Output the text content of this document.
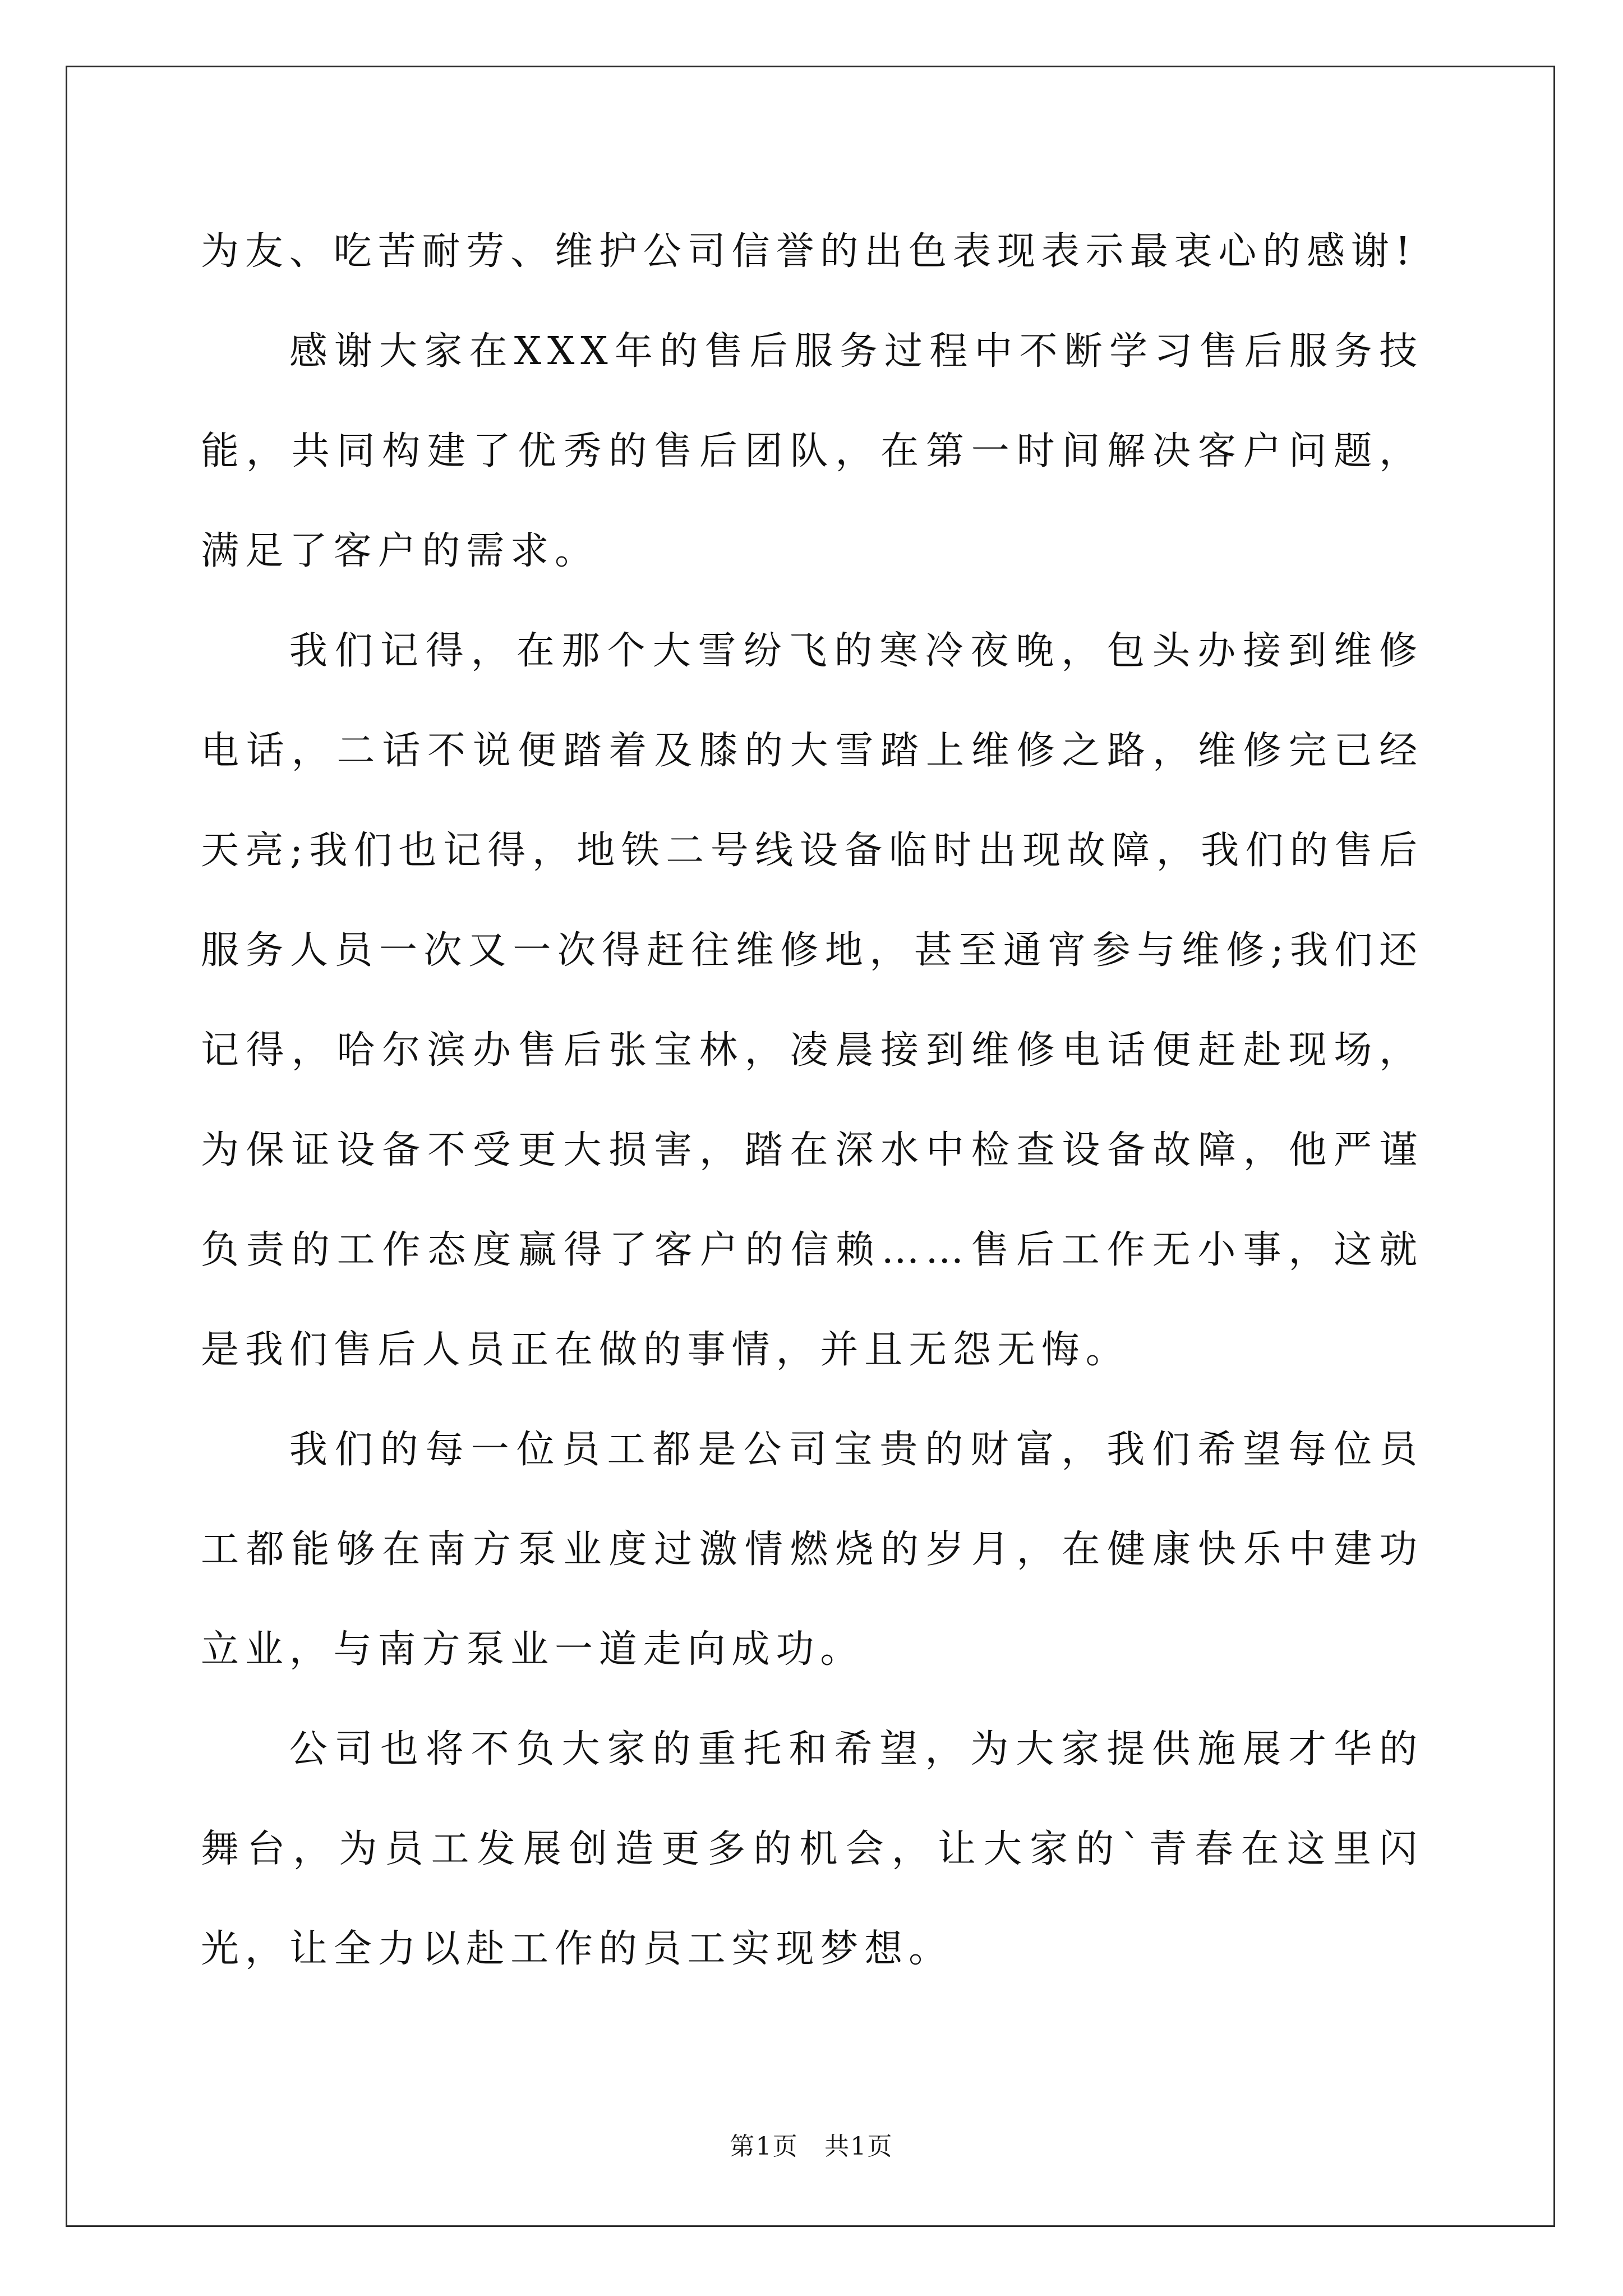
为友、吃苦耐劳、维护公司信誉的出色表现表示最衷心的感谢!

感谢大家在XXX年的售后服务过程中不断学习售后服务技能，共同构建了优秀的售后团队，在第一时间解决客户问题，满足了客户的需求。

我们记得，在那个大雪纷飞的寒冷夜晚，包头办接到维修电话，二话不说便踏着及膝的大雪踏上维修之路，维修完已经天亮;我们也记得，地铁二号线设备临时出现故障，我们的售后服务人员一次又一次得赶往维修地，甚至通宵参与维修;我们还记得，哈尔滨办售后张宝林，凌晨接到维修电话便赶赴现场，为保证设备不受更大损害，踏在深水中检查设备故障，他严谨负责的工作态度赢得了客户的信赖……售后工作无小事，这就是我们售后人员正在做的事情，并且无怨无悔。

我们的每一位员工都是公司宝贵的财富，我们希望每位员工都能够在南方泵业度过激情燃烧的岁月，在健康快乐中建功立业，与南方泵业一道走向成功。

公司也将不负大家的重托和希望，为大家提供施展才华的舞台，为员工发展创造更多的机会，让大家的`青春在这里闪光，让全力以赴工作的员工实现梦想。

第1页　共1页
